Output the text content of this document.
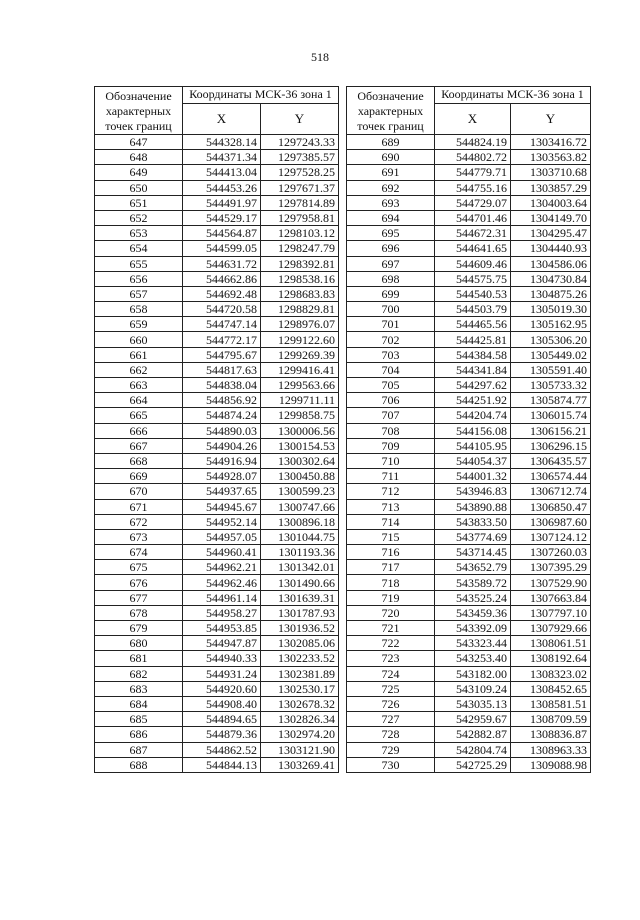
518
Обозначение характерных точек границ	Координаты МСК-36 зона 1	
	X	Y
647	544328.14	1297243.33
648	544371.34	1297385.57
649	544413.04	1297528.25
650	544453.26	1297671.37
651	544491.97	1297814.89
652	544529.17	1297958.81
653	544564.87	1298103.12
654	544599.05	1298247.79
655	544631.72	1298392.81
656	544662.86	1298538.16
657	544692.48	1298683.83
658	544720.58	1298829.81
659	544747.14	1298976.07
660	544772.17	1299122.60
661	544795.67	1299269.39
662	544817.63	1299416.41
663	544838.04	1299563.66
664	544856.92	1299711.11
665	544874.24	1299858.75
666	544890.03	1300006.56
667	544904.26	1300154.53
668	544916.94	1300302.64
669	544928.07	1300450.88
670	544937.65	1300599.23
671	544945.67	1300747.66
672	544952.14	1300896.18
673	544957.05	1301044.75
674	544960.41	1301193.36
675	544962.21	1301342.01
676	544962.46	1301490.66
677	544961.14	1301639.31
678	544958.27	1301787.93
679	544953.85	1301936.52
680	544947.87	1302085.06
681	544940.33	1302233.52
682	544931.24	1302381.89
683	544920.60	1302530.17
684	544908.40	1302678.32
685	544894.65	1302826.34
686	544879.36	1302974.20
687	544862.52	1303121.90
688	544844.13	1303269.41
Обозначение характерных точек границ	Координаты МСК-36 зона 1	
	X	Y
689	544824.19	1303416.72
690	544802.72	1303563.82
691	544779.71	1303710.68
692	544755.16	1303857.29
693	544729.07	1304003.64
694	544701.46	1304149.70
695	544672.31	1304295.47
696	544641.65	1304440.93
697	544609.46	1304586.06
698	544575.75	1304730.84
699	544540.53	1304875.26
700	544503.79	1305019.30
701	544465.56	1305162.95
702	544425.81	1305306.20
703	544384.58	1305449.02
704	544341.84	1305591.40
705	544297.62	1305733.32
706	544251.92	1305874.77
707	544204.74	1306015.74
708	544156.08	1306156.21
709	544105.95	1306296.15
710	544054.37	1306435.57
711	544001.32	1306574.44
712	543946.83	1306712.74
713	543890.88	1306850.47
714	543833.50	1306987.60
715	543774.69	1307124.12
716	543714.45	1307260.03
717	543652.79	1307395.29
718	543589.72	1307529.90
719	543525.24	1307663.84
720	543459.36	1307797.10
721	543392.09	1307929.66
722	543323.44	1308061.51
723	543253.40	1308192.64
724	543182.00	1308323.02
725	543109.24	1308452.65
726	543035.13	1308581.51
727	542959.67	1308709.59
728	542882.87	1308836.87
729	542804.74	1308963.33
730	542725.29	1309088.98
